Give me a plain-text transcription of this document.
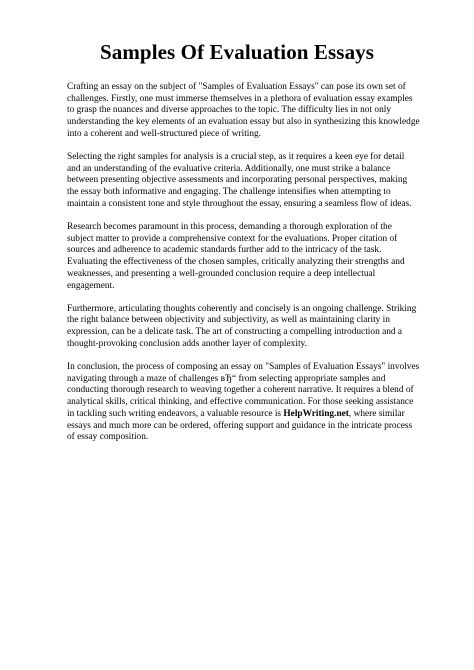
Samples Of Evaluation Essays

Crafting an essay on the subject of "Samples of Evaluation Essays" can pose its own set of challenges. Firstly, one must immerse themselves in a plethora of evaluation essay examples to grasp the nuances and diverse approaches to the topic. The difficulty lies in not only understanding the key elements of an evaluation essay but also in synthesizing this knowledge into a coherent and well-structured piece of writing.

Selecting the right samples for analysis is a crucial step, as it requires a keen eye for detail and an understanding of the evaluative criteria. Additionally, one must strike a balance between presenting objective assessments and incorporating personal perspectives, making the essay both informative and engaging. The challenge intensifies when attempting to maintain a consistent tone and style throughout the essay, ensuring a seamless flow of ideas.

Research becomes paramount in this process, demanding a thorough exploration of the subject matter to provide a comprehensive context for the evaluations. Proper citation of sources and adherence to academic standards further add to the intricacy of the task. Evaluating the effectiveness of the chosen samples, critically analyzing their strengths and weaknesses, and presenting a well-grounded conclusion require a deep intellectual engagement.

Furthermore, articulating thoughts coherently and concisely is an ongoing challenge. Striking the right balance between objectivity and subjectivity, as well as maintaining clarity in expression, can be a delicate task. The art of constructing a compelling introduction and a thought-provoking conclusion adds another layer of complexity.

In conclusion, the process of composing an essay on "Samples of Evaluation Essays" involves navigating through a maze of challenges вЂ“ from selecting appropriate samples and conducting thorough research to weaving together a coherent narrative. It requires a blend of analytical skills, critical thinking, and effective communication. For those seeking assistance in tackling such writing endeavors, a valuable resource is HelpWriting.net, where similar essays and much more can be ordered, offering support and guidance in the intricate process of essay composition.
